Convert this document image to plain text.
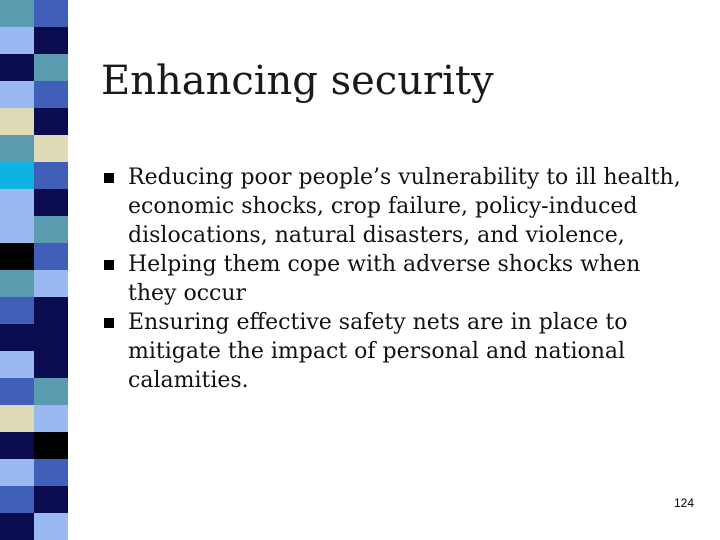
Enhancing security
Reducing poor people’s vulnerability to ill health, economic shocks, crop failure, policy-induced dislocations, natural disasters, and violence,
Helping them cope with adverse shocks when they occur
Ensuring effective safety nets are in place to mitigate the impact of personal and national calamities.
124
